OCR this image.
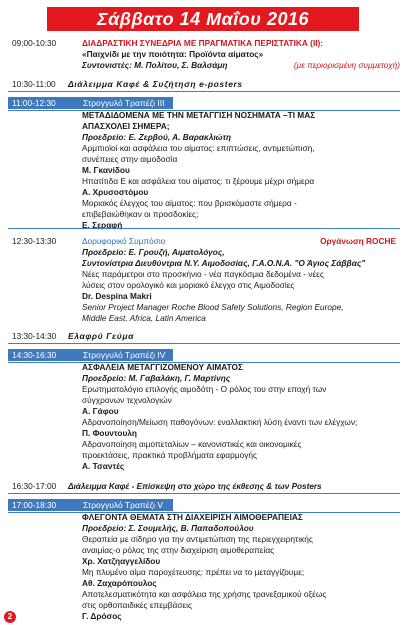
Σάββατο 14 Μαΐου 2016
09:00-10:30	ΔΙΑΔΡΑΣΤΙΚΗ ΣΥΝΕΔΡΙΑ ΜΕ ΠΡΑΓΜΑΤΙΚΑ ΠΕΡΙΣΤΑΤΙΚΑ (ΙΙ):
«Παιχνίδι με την ποιότητα: Προϊόντα αίματος»
Συντονιστές: Μ. Πολίτου, Σ. Βαλσάμη	(με περιορισμένη συμμετοχή)
10:30-11:00 Διάλειμμα Καφέ & Συζήτηση e-posters
11:00-12:30	Στρογγυλό Τραπέζι ΙΙΙ
ΜΕΤΑΔΙΔΟΜΕΝΑ ΜΕ ΤΗΝ ΜΕΤΑΓΓΙΣΗ ΝΟΣΗΜΑΤΑ –ΤΙ ΜΑΣ
ΑΠΑΣΧΟΛΕΙ ΣΗΜΕΡΑ;
Προεδρείο: Ε. Ζερβού, Α. Βαρακλιώτη
Αρμπιοϊοί και ασφάλεια του αίματος: επιπτώσεις, αντιμετώπιση,
συνέπειες στην αιμοδοσία
Μ. Γκανίδου
Ηπατίτιδα Ε και ασφάλεια του αίματος: τι ξέρουμε μέχρι σήμερα
Α. Χρυσοστόμου
Μοριακός έλεγχος του αίματος: που βρισκόμαστε σήμερα -
επιβεβαιώθηκαν οι προσδοκίες;
Ε. Σεραφή
12:30-13:30	Δορυφορικό Συμπόσιο	Οργάνωση ROCHE
Προεδρείο: Ε. Γρουζή, Αιματολόγος,
Συντονίστρια Διευθύντρια Ν.Υ. Αιμοδοσίας, Γ.Α.Ο.Ν.Α. "Ο Άγιος Σάββας"
Νέες παράμετροι στο προσκήνιο - νέα παγκόσμια δεδομένα - νέες
λύσεις στον ορολογικό και μοριακό έλεγχο στις Αιμοδοσίες
Dr. Despina Makri
Senior Project Manager Roche Blood Safety Solutions, Region Europe,
Middle East, Africa, Latin America
13:30-14:30 Ελαφρύ Γεύμα
14:30-16:30	Στρογγυλό Τραπέζι IV
ΑΣΦΑΛΕΙΑ ΜΕΤΑΓΓΙΖΟΜΕΝΟΥ ΑΙΜΑΤΟΣ
Προεδρείο: Μ. Γαβαλάκη, Γ. Μαρτίνης
Ερωτηματολόγιο επιλογής αιμοδότη - Ο ρόλος του στην εποχή των
σύγχρονων τεχνολογιών
Α. Γάφου
Αδρανοποίηση/Μείωση παθογόνων: εναλλακτική λύση έναντι των ελέγχων;
Π. Φουντουλη
Αδρανοποίηση αιμοπεταλίων – κανονιστικές και οικονομικές
προεκτάσεις, πρακτικά προβλήματα εφαρμογής
Α. Τσαντές
16:30-17:00 Διάλειμμα Καφέ - Επίσκεψη στο χώρο της έκθεσης & των Posters
17:00-18:30	Στρογγυλό Τραπέζι V
ΦΛΕΓΟΝΤΑ ΘΕΜΑΤΑ ΣΤΗ ΔΙΑΧΕΙΡΙΣΗ ΑΙΜΟΘΕΡΑΠΕΙΑΣ
Προεδρείο: Σ. Σουμελής, Β. Παπαδοπούλου
Θεραπεία με σίδηρο για την αντιμετώπιση της περιεγχειρητικής
αναιμίας-ο ρόλος της στην διαχείριση αιμοθεραπείας
Χρ. Χατζηαγγελίδου
Μη πλυμένο αίμα παροχέτευσης: πρέπει να το μεταγγίζουμε;
Αθ. Ζαχαρόπουλος
Αποτελεσματικότητα και ασφάλεια της χρήσης τρανεξαμικού οξέως
στις ορθοπαιδικές επεμβάσεις
Γ. Δρόσος
2
